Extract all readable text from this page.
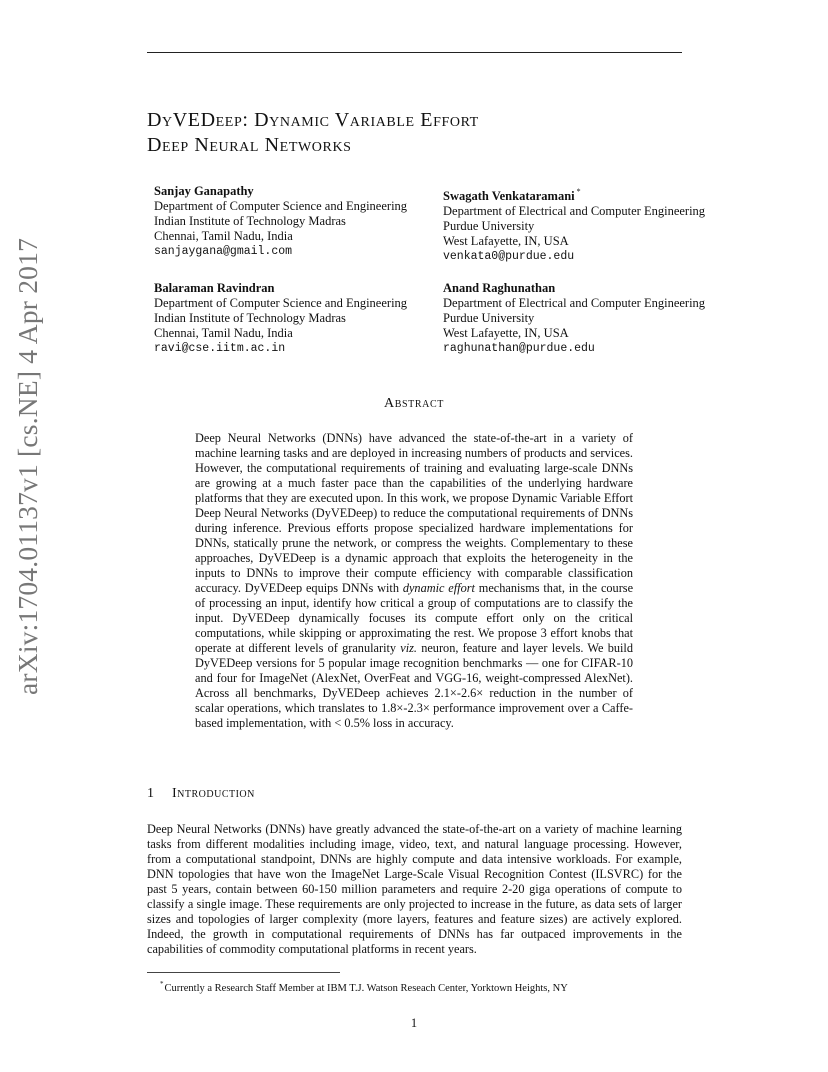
arXiv:1704.01137v1 [cs.NE] 4 Apr 2017
DyVEDeep: Dynamic Variable Effort
Deep Neural Networks
Sanjay Ganapathy
Department of Computer Science and Engineering
Indian Institute of Technology Madras
Chennai, Tamil Nadu, India
sanjaygana@gmail.com
Swagath Venkataramani *
Department of Electrical and Computer Engineering
Purdue University
West Lafayette, IN, USA
venkata0@purdue.edu
Balaraman Ravindran
Department of Computer Science and Engineering
Indian Institute of Technology Madras
Chennai, Tamil Nadu, India
ravi@cse.iitm.ac.in
Anand Raghunathan
Department of Electrical and Computer Engineering
Purdue University
West Lafayette, IN, USA
raghunathan@purdue.edu
Abstract
Deep Neural Networks (DNNs) have advanced the state-of-the-art in a variety of machine learning tasks and are deployed in increasing numbers of products and services. However, the computational requirements of training and evaluating large-scale DNNs are growing at a much faster pace than the capabilities of the underlying hardware platforms that they are executed upon. In this work, we propose Dynamic Variable Effort Deep Neural Networks (DyVEDeep) to reduce the computational requirements of DNNs during inference. Previous efforts propose specialized hardware implementations for DNNs, statically prune the network, or compress the weights. Complementary to these approaches, DyVEDeep is a dynamic approach that exploits the heterogeneity in the inputs to DNNs to improve their compute efficiency with comparable classification accuracy. DyVEDeep equips DNNs with dynamic effort mechanisms that, in the course of processing an input, identify how critical a group of computations are to classify the input. DyVEDeep dynamically focuses its compute effort only on the critical computations, while skipping or approximating the rest. We propose 3 effort knobs that operate at different levels of granularity viz. neuron, feature and layer levels. We build DyVEDeep versions for 5 popular image recognition benchmarks — one for CIFAR-10 and four for ImageNet (AlexNet, OverFeat and VGG-16, weight-compressed AlexNet). Across all benchmarks, DyVEDeep achieves 2.1×-2.6× reduction in the number of scalar operations, which translates to 1.8×-2.3× performance improvement over a Caffe-based implementation, with < 0.5% loss in accuracy.
1 Introduction
Deep Neural Networks (DNNs) have greatly advanced the state-of-the-art on a variety of machine learning tasks from different modalities including image, video, text, and natural language processing. However, from a computational standpoint, DNNs are highly compute and data intensive workloads. For example, DNN topologies that have won the ImageNet Large-Scale Visual Recognition Contest (ILSVRC) for the past 5 years, contain between 60-150 million parameters and require 2-20 giga operations of compute to classify a single image. These requirements are only projected to increase in the future, as data sets of larger sizes and topologies of larger complexity (more layers, features and feature sizes) are actively explored. Indeed, the growth in computational requirements of DNNs has far outpaced improvements in the capabilities of commodity computational platforms in recent years.
*Currently a Research Staff Member at IBM T.J. Watson Reseach Center, Yorktown Heights, NY
1
